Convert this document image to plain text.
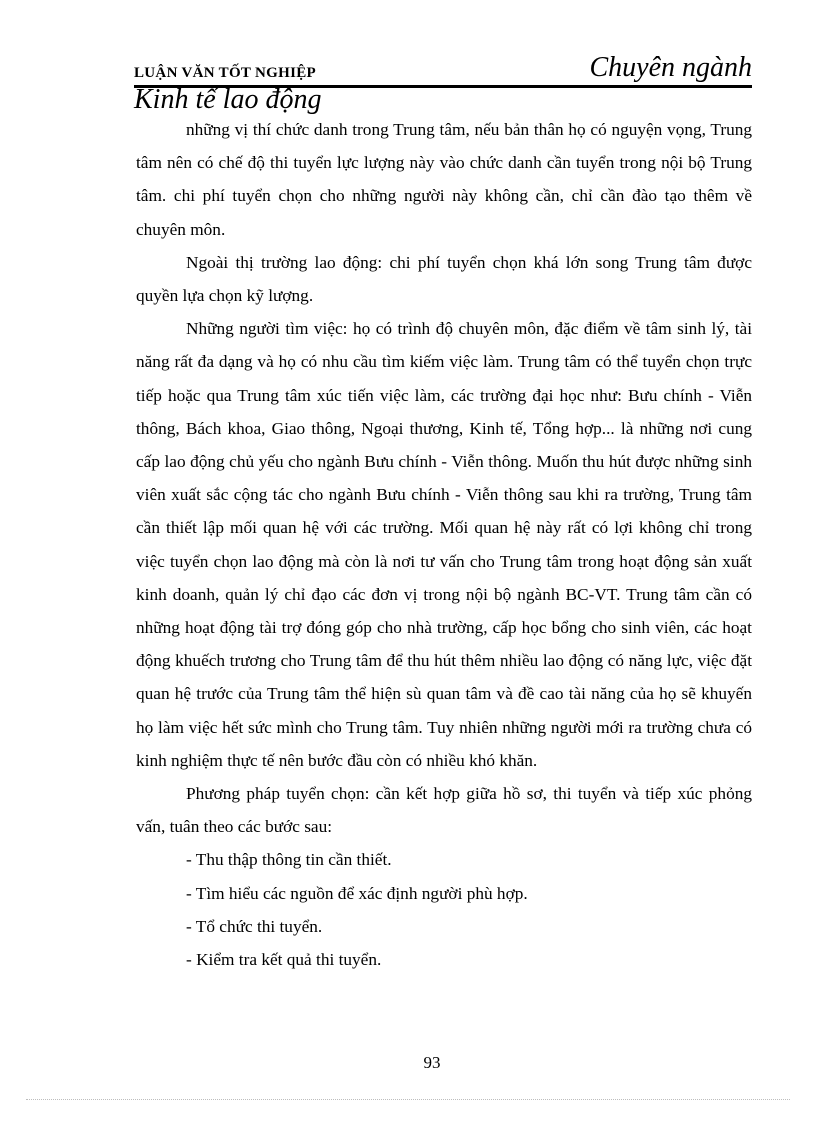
LUẬN VĂN TỐT NGHIỆP	Chuyên ngành
Kinh tế lao động

những vị thí chức danh trong Trung tâm, nếu bản thân họ có nguyện vọng, Trung tâm nên có chế độ thi tuyển lực lượng này vào chức danh cần tuyển trong nội bộ Trung tâm. chi phí tuyển chọn cho những người này không cần, chỉ cần đào tạo thêm về chuyên môn.

Ngoài thị trường lao động: chi phí tuyển chọn khá lớn song Trung tâm được quyền lựa chọn kỹ lượng.

Những người tìm việc: họ có trình độ chuyên môn, đặc điểm về tâm sinh lý, tài năng rất đa dạng và họ có nhu cầu tìm kiếm việc làm. Trung tâm có thể tuyển chọn trực tiếp hoặc qua Trung tâm xúc tiến việc làm, các trường đại học như: Bưu chính - Viễn thông, Bách khoa, Giao thông, Ngoại thương, Kinh tế, Tổng hợp... là những nơi cung cấp lao động chủ yếu cho ngành Bưu chính - Viễn thông. Muốn thu hút được những sinh viên xuất sắc cộng tác cho ngành Bưu chính - Viễn thông sau khi ra trường, Trung tâm cần thiết lập mối quan hệ với các trường. Mối quan hệ này rất có lợi không chỉ trong việc tuyển chọn lao động mà còn là nơi tư vấn cho Trung tâm trong hoạt động sản xuất kinh doanh, quản lý chỉ đạo các đơn vị trong nội bộ ngành BC-VT. Trung tâm cần có những hoạt động tài trợ đóng góp cho nhà trường, cấp học bổng cho sinh viên, các hoạt động khuếch trương cho Trung tâm để thu hút thêm nhiều lao động có năng lực, việc đặt quan hệ trước của Trung tâm thể hiện sù quan tâm và đề cao tài năng của họ sẽ khuyến họ làm việc hết sức mình cho Trung tâm. Tuy nhiên những người mới ra trường chưa có kinh nghiệm thực tế nên bước đầu còn có nhiều khó khăn.

Phương pháp tuyển chọn: cần kết hợp giữa hồ sơ, thi tuyển và tiếp xúc phỏng vấn, tuân theo các bước sau:

- Thu thập thông tin cần thiết.

- Tìm hiểu các nguồn để xác định người phù hợp.

- Tổ chức thi tuyển.

- Kiểm tra kết quả thi tuyển.

93
